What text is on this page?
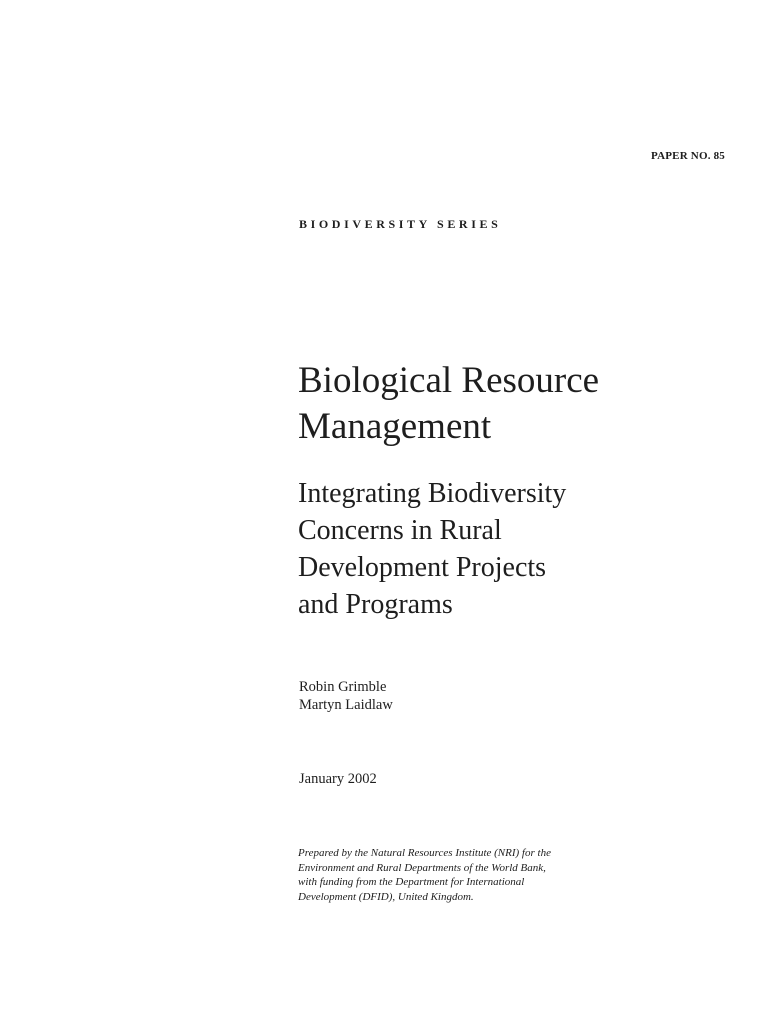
PAPER NO. 85
BIODIVERSITY SERIES
Biological Resource
Management
Integrating Biodiversity
Concerns in Rural
Development Projects
and Programs
Robin Grimble
Martyn Laidlaw
January 2002
Prepared by the Natural Resources Institute (NRI) for the
Environment and Rural Departments of the World Bank,
with funding from the Department for International
Development (DFID), United Kingdom.
